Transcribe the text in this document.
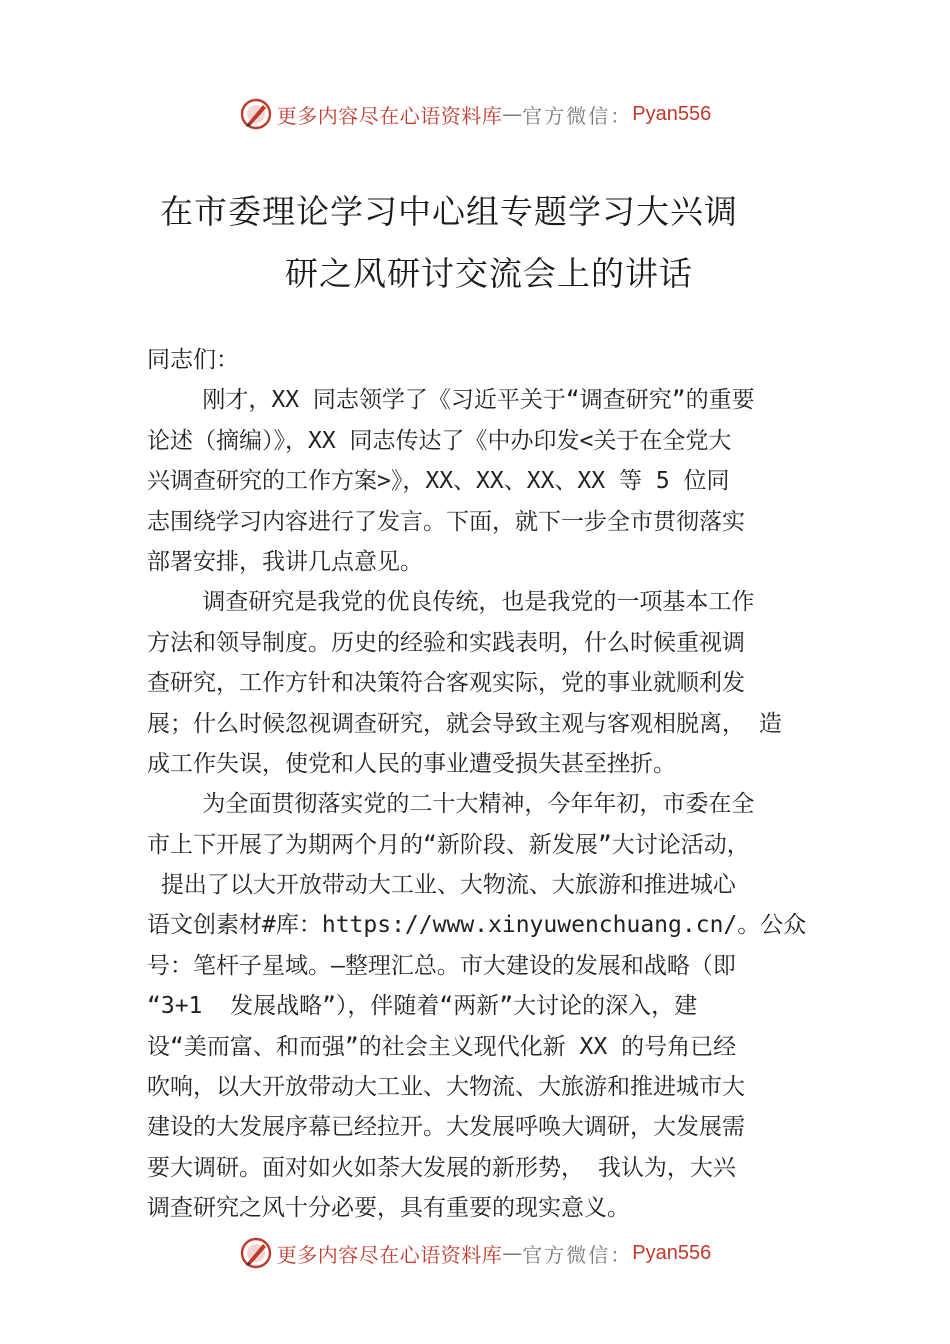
更多内容尽在心语资料库 — 官方微信： Pyan556
在市委理论学习中心组专题学习大兴调
研之风研讨交流会上的讲话
同志们：
刚才，XX 同志领学了《习近平关于“调查研究”的重要
论述（摘编）》，XX 同志传达了《中办印发<关于在全党大
兴调查研究的工作方案>》，XX、XX、XX、XX 等 5 位同
志围绕学习内容进行了发言。下面，就下一步全市贯彻落实
部署安排，我讲几点意见。
调查研究是我党的优良传统，也是我党的一项基本工作
方法和领导制度。历史的经验和实践表明，什么时候重视调
查研究，工作方针和决策符合客观实际，党的事业就顺利发
展；什么时候忽视调查研究，就会导致主观与客观相脱离， 造
成工作失误，使党和人民的事业遭受损失甚至挫折。
为全面贯彻落实党的二十大精神，今年年初，市委在全
市上下开展了为期两个月的“新阶段、新发展”大讨论活动，
提出了以大开放带动大工业、大物流、大旅游和推进城心
语文创素材#库：https://www.xinyuwenchuang.cn/。公众
号：笔杆子星域。—整理汇总。市大建设的发展和战略（即
“3+1  发展战略”），伴随着“两新”大讨论的深入，建
设“美而富、和而强”的社会主义现代化新 XX 的号角已经
吹响，以大开放带动大工业、大物流、大旅游和推进城市大
建设的大发展序幕已经拉开。大发展呼唤大调研，大发展需
要大调研。面对如火如荼大发展的新形势， 我认为，大兴
调查研究之风十分必要，具有重要的现实意义。
更多内容尽在心语资料库 — 官方微信： Pyan556
